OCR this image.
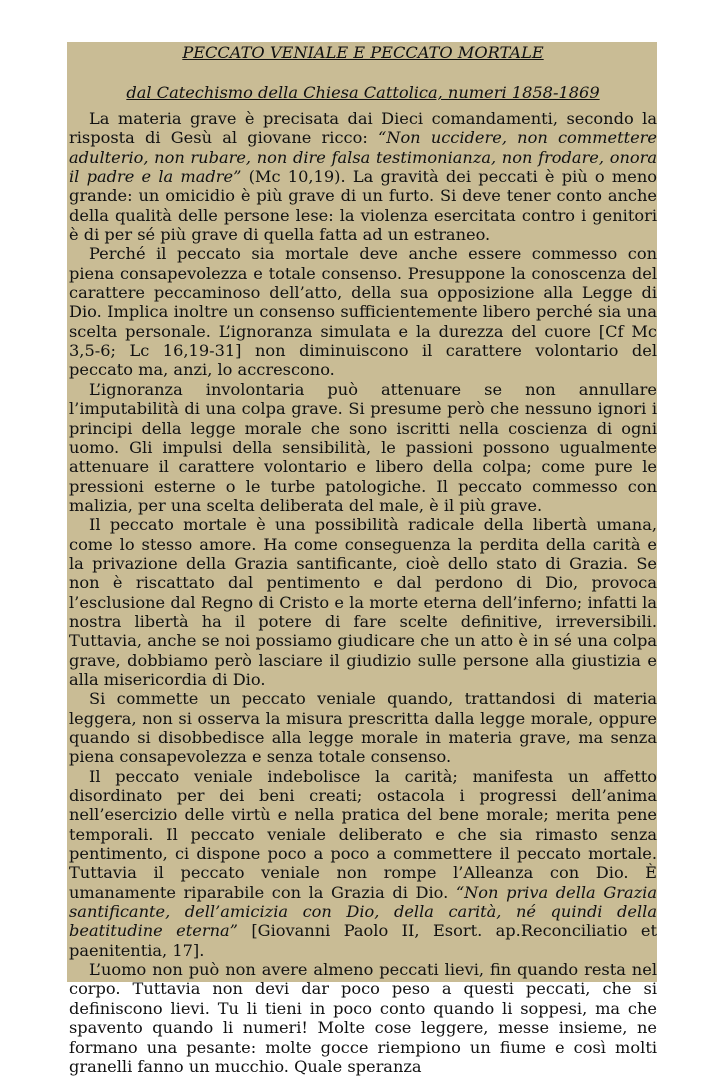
PECCATO VENIALE E PECCATO MORTALE
dal Catechismo della Chiesa Cattolica, numeri 1858-1869

La materia grave è precisata dai Dieci comandamenti, secondo la risposta di Gesù al giovane ricco: “Non uccidere, non commettere adulterio, non rubare, non dire falsa testimonianza, non frodare, onora il padre e la madre” (Mc 10,19). La gravità dei peccati è più o meno grande: un omicidio è più grave di un furto. Si deve tener conto anche della qualità delle persone lese: la violenza esercitata contro i genitori è di per sé più grave di quella fatta ad un estraneo.

Perché il peccato sia mortale deve anche essere commesso con piena consapevolezza e totale consenso. Presuppone la conoscenza del carattere peccaminoso dell’atto, della sua opposizione alla Legge di Dio. Implica inoltre un consenso sufficientemente libero perché sia una scelta personale. L’ignoranza simulata e la durezza del cuore [Cf Mc 3,5-6; Lc 16,19-31] non diminuiscono il carattere volontario del peccato ma, anzi, lo accrescono.

L’ignoranza involontaria può attenuare se non annullare l’imputabilità di una colpa grave. Si presume però che nessuno ignori i principi della legge morale che sono iscritti nella coscienza di ogni uomo. Gli impulsi della sensibilità, le passioni possono ugualmente attenuare il carattere volontario e libero della colpa; come pure le pressioni esterne o le turbe patologiche. Il peccato commesso con malizia, per una scelta deliberata del male, è il più grave.

Il peccato mortale è una possibilità radicale della libertà umana, come lo stesso amore. Ha come conseguenza la perdita della carità e la privazione della Grazia santificante, cioè dello stato di Grazia. Se non è riscattato dal pentimento e dal perdono di Dio, provoca l’esclusione dal Regno di Cristo e la morte eterna dell’inferno; infatti la nostra libertà ha il potere di fare scelte definitive, irreversibili. Tuttavia, anche se noi possiamo giudicare che un atto è in sé una colpa grave, dobbiamo però lasciare il giudizio sulle persone alla giustizia e alla misericordia di Dio.

Si commette un peccato veniale quando, trattandosi di materia leggera, non si osserva la misura prescritta dalla legge morale, oppure quando si disobbedisce alla legge morale in materia grave, ma senza piena consapevolezza e senza totale consenso.

Il peccato veniale indebolisce la carità; manifesta un affetto disordinato per dei beni creati; ostacola i progressi dell’anima nell’esercizio delle virtù e nella pratica del bene morale; merita pene temporali. Il peccato veniale deliberato e che sia rimasto senza pentimento, ci dispone poco a poco a commettere il peccato mortale. Tuttavia il peccato veniale non rompe l’Alleanza con Dio. È umanamente riparabile con la Grazia di Dio. “Non priva della Grazia santificante, dell’amicizia con Dio, della carità, né quindi della beatitudine eterna” [Giovanni Paolo II, Esort. ap.Reconciliatio et paenitentia, 17].

L’uomo non può non avere almeno peccati lievi, fin quando resta nel corpo. Tuttavia non devi dar poco peso a questi peccati, che si definiscono lievi. Tu li tieni in poco conto quando li soppesi, ma che spavento quando li numeri! Molte cose leggere, messe insieme, ne formano una pesante: molte gocce riempiono un fiume e così molti granelli fanno un mucchio. Quale speranza
